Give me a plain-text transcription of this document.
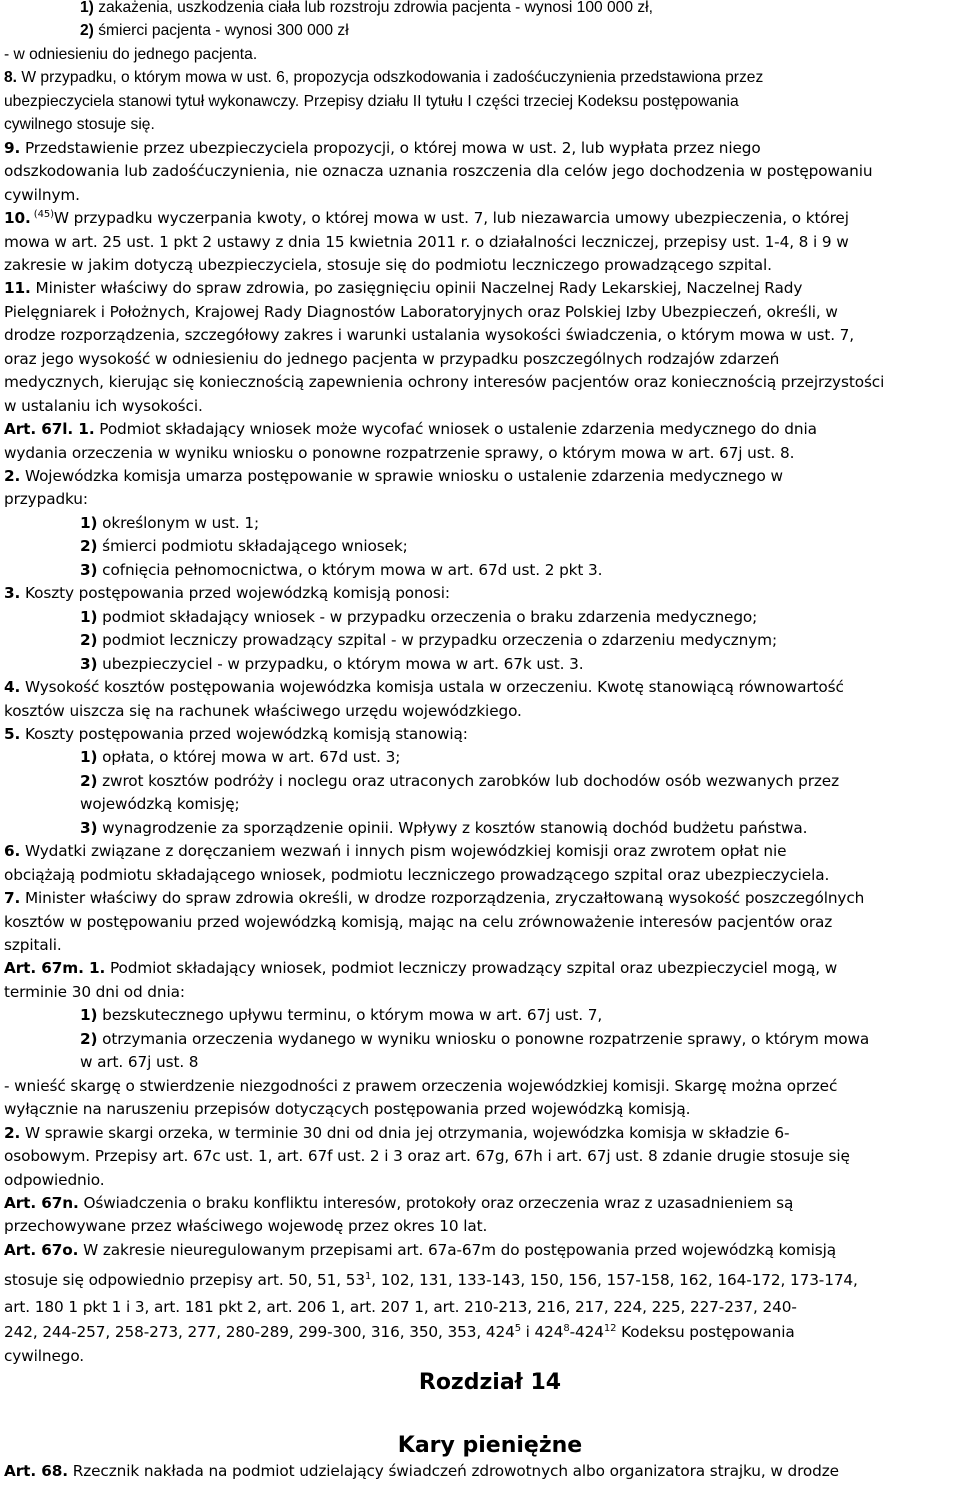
1) zakażenia, uszkodzenia ciała lub rozstroju zdrowia pacjenta - wynosi 100 000 zł,
2) śmierci pacjenta - wynosi 300 000 zł
- w odniesieniu do jednego pacjenta.
8. W przypadku, o którym mowa w ust. 6, propozycja odszkodowania i zadośćuczynienia przedstawiona przez
ubezpieczyciela stanowi tytuł wykonawczy. Przepisy działu II tytułu I części trzeciej Kodeksu postępowania
cywilnego stosuje się.
9. Przedstawienie przez ubezpieczyciela propozycji, o której mowa w ust. 2, lub wypłata przez niego
odszkodowania lub zadośćuczynienia, nie oznacza uznania roszczenia dla celów jego dochodzenia w postępowaniu
cywilnym.
10. $^{(45)}$W przypadku wyczerpania kwoty, o której mowa w ust. 7, lub niezawarcia umowy ubezpieczenia, o której
mowa w art. 25 ust. 1 pkt 2 ustawy z dnia 15 kwietnia 2011 r. o działalności leczniczej, przepisy ust. 1-4, 8 i 9 w
zakresie w jakim dotyczą ubezpieczyciela, stosuje się do podmiotu leczniczego prowadzącego szpital.
11. Minister właściwy do spraw zdrowia, po zasięgnięciu opinii Naczelnej Rady Lekarskiej, Naczelnej Rady
Pielęgniarek i Położnych, Krajowej Rady Diagnostów Laboratoryjnych oraz Polskiej Izby Ubezpieczeń, określi, w
drodze rozporządzenia, szczegółowy zakres i warunki ustalania wysokości świadczenia, o którym mowa w ust. 7,
oraz jego wysokość w odniesieniu do jednego pacjenta w przypadku poszczególnych rodzajów zdarzeń
medycznych, kierując się koniecznością zapewnienia ochrony interesów pacjentów oraz koniecznością przejrzystości
w ustalaniu ich wysokości.
Art. 67l. 1. Podmiot składający wniosek może wycofać wniosek o ustalenie zdarzenia medycznego do dnia
wydania orzeczenia w wyniku wniosku o ponowne rozpatrzenie sprawy, o którym mowa w art. 67j ust. 8.
2. Wojewódzka komisja umarza postępowanie w sprawie wniosku o ustalenie zdarzenia medycznego w
przypadku:
1) określonym w ust. 1;
2) śmierci podmiotu składającego wniosek;
3) cofnięcia pełnomocnictwa, o którym mowa w art. 67d ust. 2 pkt 3.
3. Koszty postępowania przed wojewódzką komisją ponosi:
1) podmiot składający wniosek - w przypadku orzeczenia o braku zdarzenia medycznego;
2) podmiot leczniczy prowadzący szpital - w przypadku orzeczenia o zdarzeniu medycznym;
3) ubezpieczyciel - w przypadku, o którym mowa w art. 67k ust. 3.
4. Wysokość kosztów postępowania wojewódzka komisja ustala w orzeczeniu. Kwotę stanowiącą równowartość
kosztów uiszcza się na rachunek właściwego urzędu wojewódzkiego.
5. Koszty postępowania przed wojewódzką komisją stanowią:
1) opłata, o której mowa w art. 67d ust. 3;
2) zwrot kosztów podróży i noclegu oraz utraconych zarobków lub dochodów osób wezwanych przez
wojewódzką komisję;
3) wynagrodzenie za sporządzenie opinii. Wpływy z kosztów stanowią dochód budżetu państwa.
6. Wydatki związane z doręczaniem wezwań i innych pism wojewódzkiej komisji oraz zwrotem opłat nie
obciążają podmiotu składającego wniosek, podmiotu leczniczego prowadzącego szpital oraz ubezpieczyciela.
7. Minister właściwy do spraw zdrowia określi, w drodze rozporządzenia, zryczałtowaną wysokość poszczególnych
kosztów w postępowaniu przed wojewódzką komisją, mając na celu zrównoważenie interesów pacjentów oraz
szpitali.
Art. 67m. 1. Podmiot składający wniosek, podmiot leczniczy prowadzący szpital oraz ubezpieczyciel mogą, w
terminie 30 dni od dnia:
1) bezskutecznego upływu terminu, o którym mowa w art. 67j ust. 7,
2) otrzymania orzeczenia wydanego w wyniku wniosku o ponowne rozpatrzenie sprawy, o którym mowa
w art. 67j ust. 8
- wnieść skargę o stwierdzenie niezgodności z prawem orzeczenia wojewódzkiej komisji. Skargę można oprzeć
wyłącznie na naruszeniu przepisów dotyczących postępowania przed wojewódzką komisją.
2. W sprawie skargi orzeka, w terminie 30 dni od dnia jej otrzymania, wojewódzka komisja w składzie 6-
osobowym. Przepisy art. 67c ust. 1, art. 67f ust. 2 i 3 oraz art. 67g, 67h i art. 67j ust. 8 zdanie drugie stosuje się
odpowiednio.
Art. 67n. Oświadczenia o braku konfliktu interesów, protokoły oraz orzeczenia wraz z uzasadnieniem są
przechowywane przez właściwego wojewodę przez okres 10 lat.
Art. 67o. W zakresie nieuregulowanym przepisami art. 67a-67m do postępowania przed wojewódzką komisją
stosuje się odpowiednio przepisy art. 50, 51, $53^1$, 102, 131, 133-143, 150, 156, 157-158, 162, 164-172, 173-174,
art. 180 1 pkt 1 i 3, art. 181 pkt 2, art. 206 1, art. 207 1, art. 210-213, 216, 217, 224, 225, 227-237, 240-
242, 244-257, 258-273, 277, 280-289, 299-300, 316, 350, 353, $424^5$ i $424^8-424^{12}$ Kodeksu postępowania
cywilnego.
Art. 68. Rzecznik nakłada na podmiot udzielający świadczeń zdrowotnych albo organizatora strajku, w drodze
Rozdział 14
Kary pieniężne
